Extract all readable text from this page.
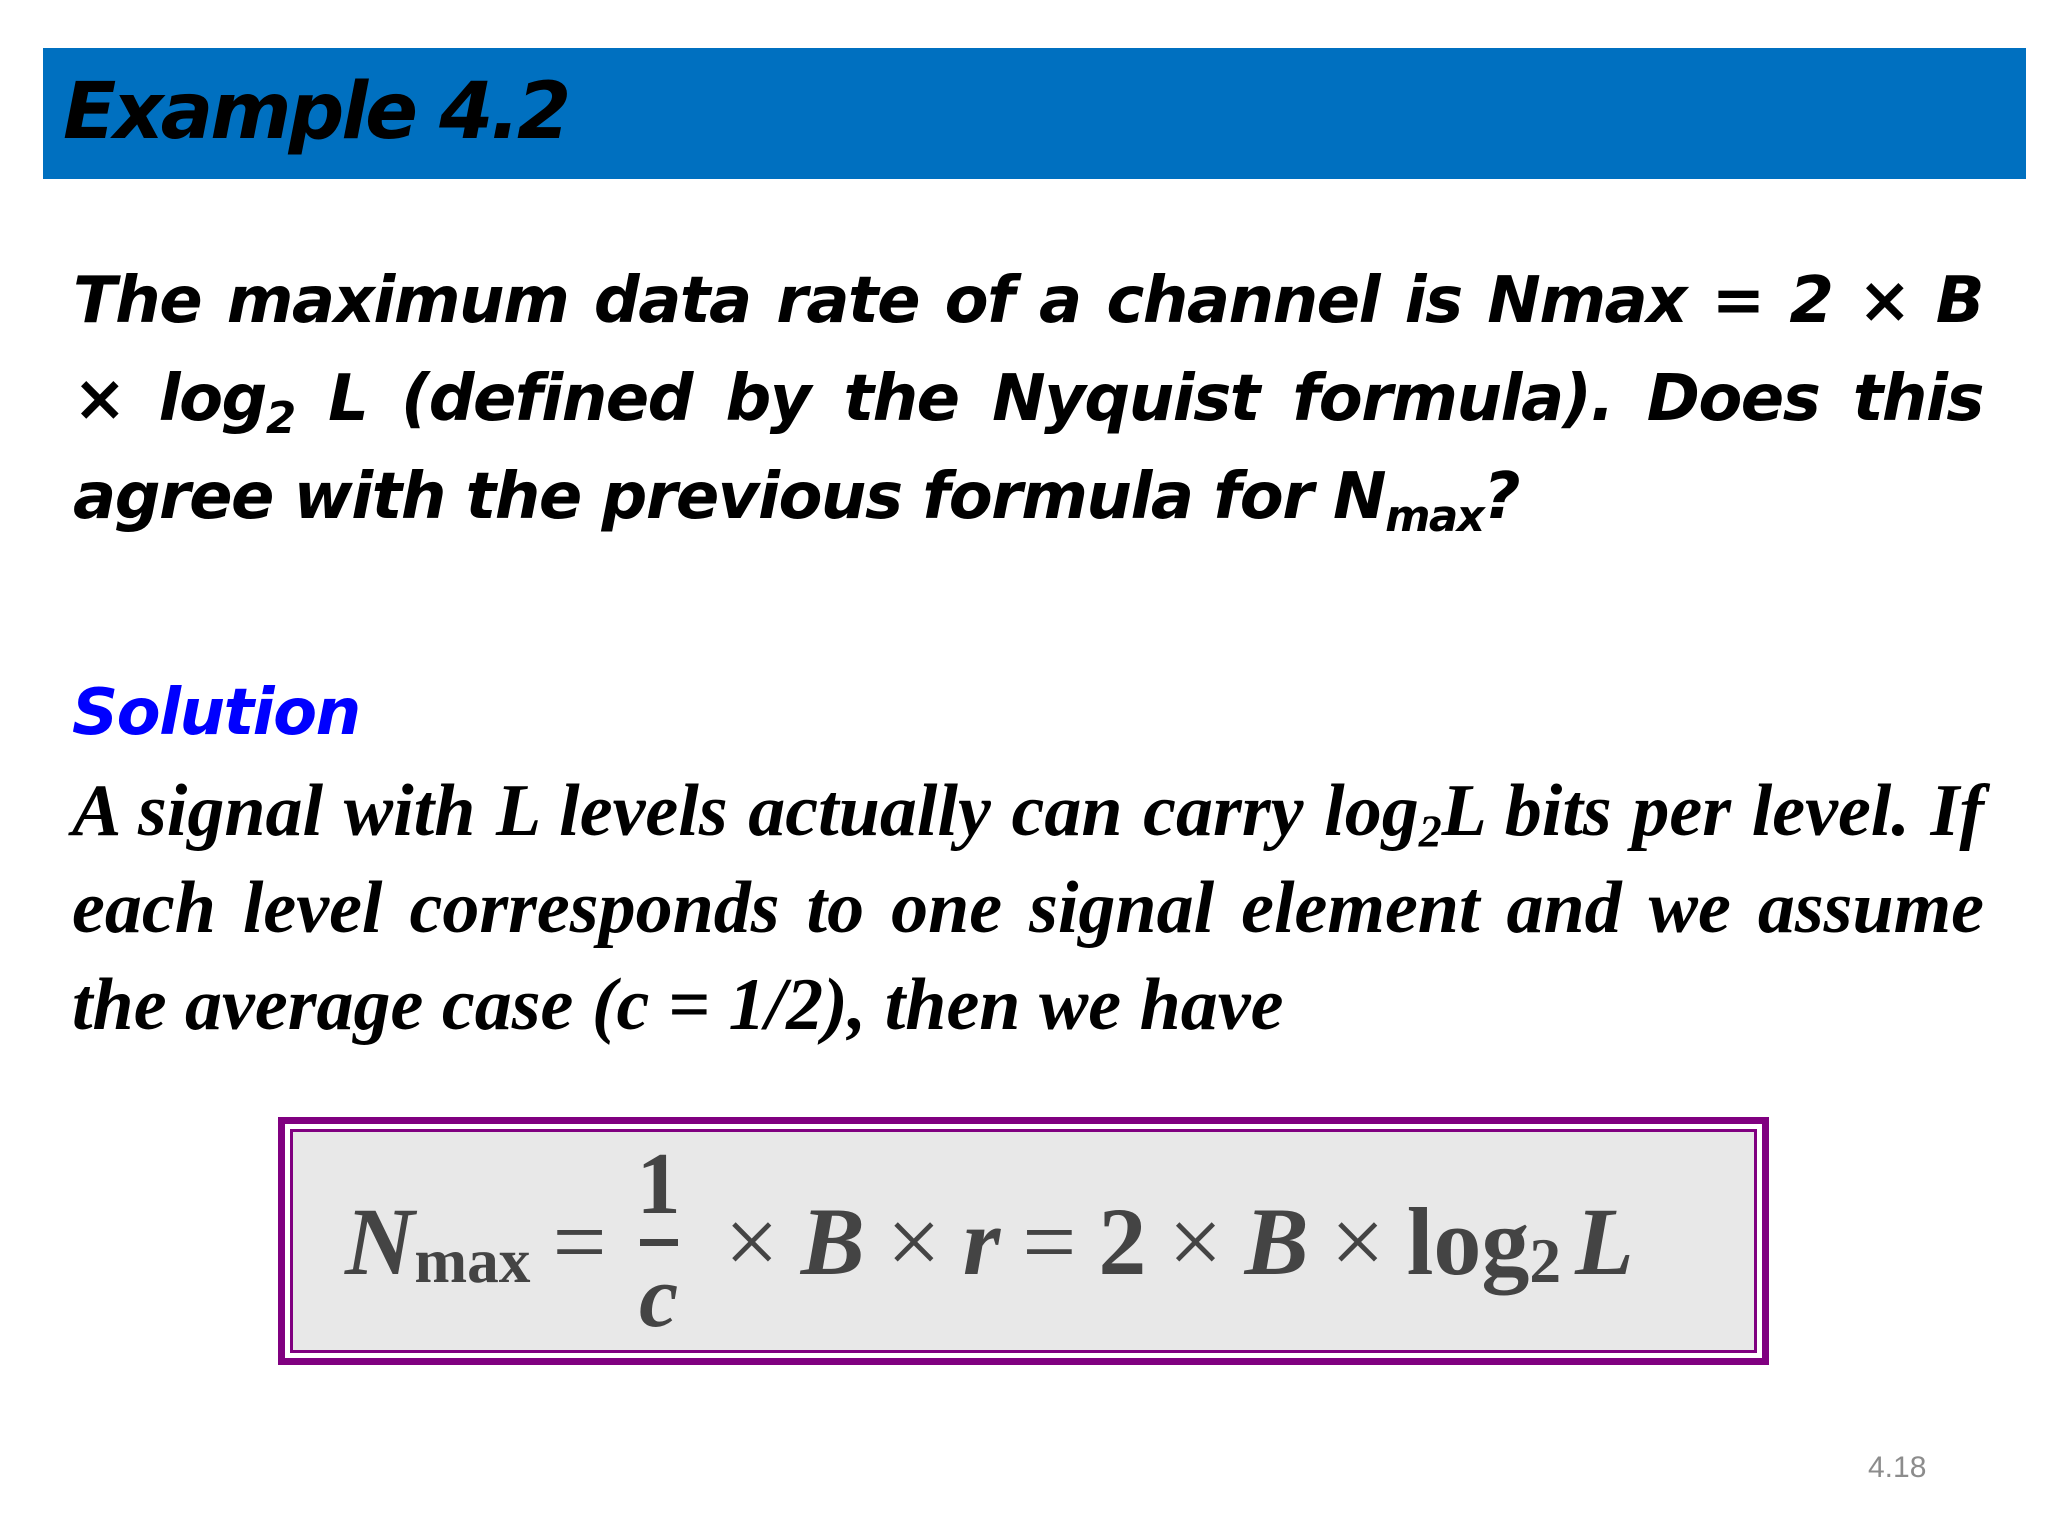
Example 4.2

The maximum data rate of a channel is $Nmax = 2 \times B \times \log_2 L$ (defined by the Nyquist formula). Does this agree with the previous formula for $N_{max}$?

Solution

A signal with L levels actually can carry $\log_2L$ bits per level. If each level corresponds to one signal element and we assume the average case (c = 1/2), then we have

N max =
1
c
× B × r = 2 × B × log 2 L

4.18
